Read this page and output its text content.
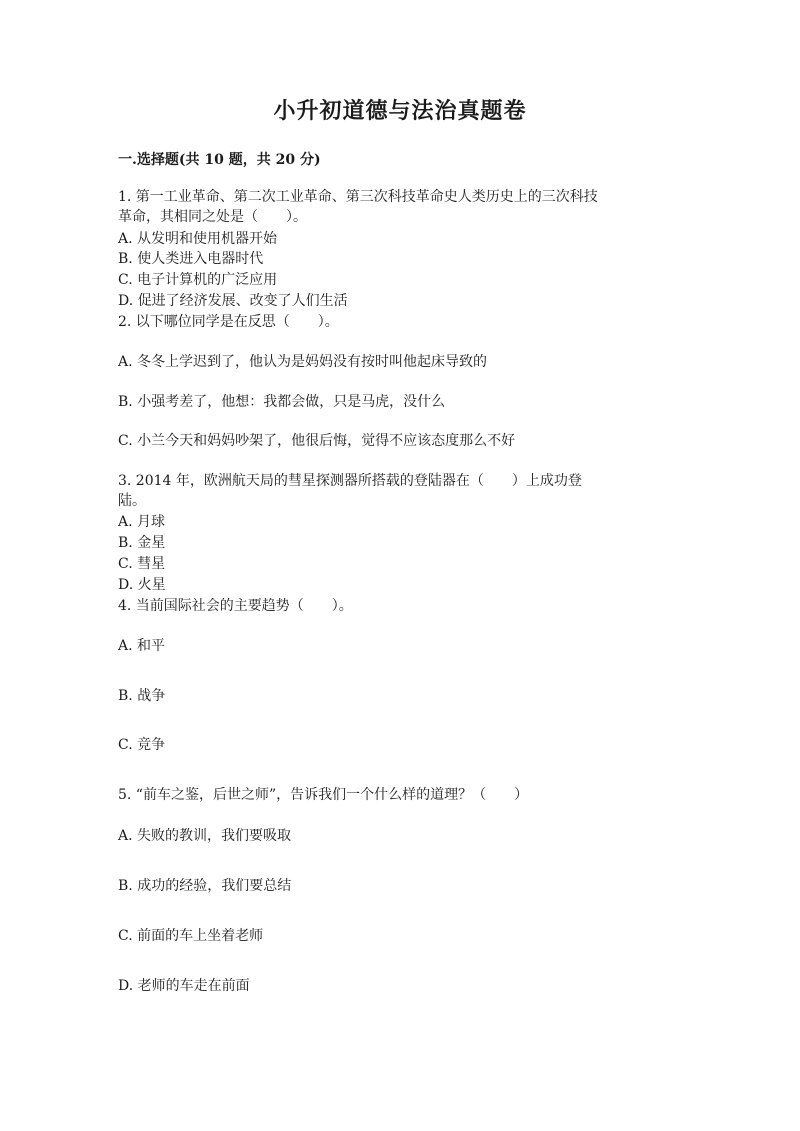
小升初道德与法治真题卷
一.选择题(共 10 题，共 20 分)
1. 第一工业革命、第二次工业革命、第三次科技革命史人类历史上的三次科技
革命，其相同之处是（　　）。
A. 从发明和使用机器开始
B. 使人类进入电器时代
C. 电子计算机的广泛应用
D. 促进了经济发展、改变了人们生活
2. 以下哪位同学是在反思（　　）。
A. 冬冬上学迟到了，他认为是妈妈没有按时叫他起床导致的
B. 小强考差了，他想：我都会做，只是马虎，没什么
C. 小兰今天和妈妈吵架了，他很后悔，觉得不应该态度那么不好
3. 2014 年，欧洲航天局的彗星探测器所搭载的登陆器在（　　）上成功登
陆。
A. 月球
B. 金星
C. 彗星
D. 火星
4. 当前国际社会的主要趋势（　　）。
A. 和平
B. 战争
C. 竞争
5. “前车之鉴，后世之师”，告诉我们一个什么样的道理？（　　）
A. 失败的教训，我们要吸取
B. 成功的经验，我们要总结
C. 前面的车上坐着老师
D. 老师的车走在前面
